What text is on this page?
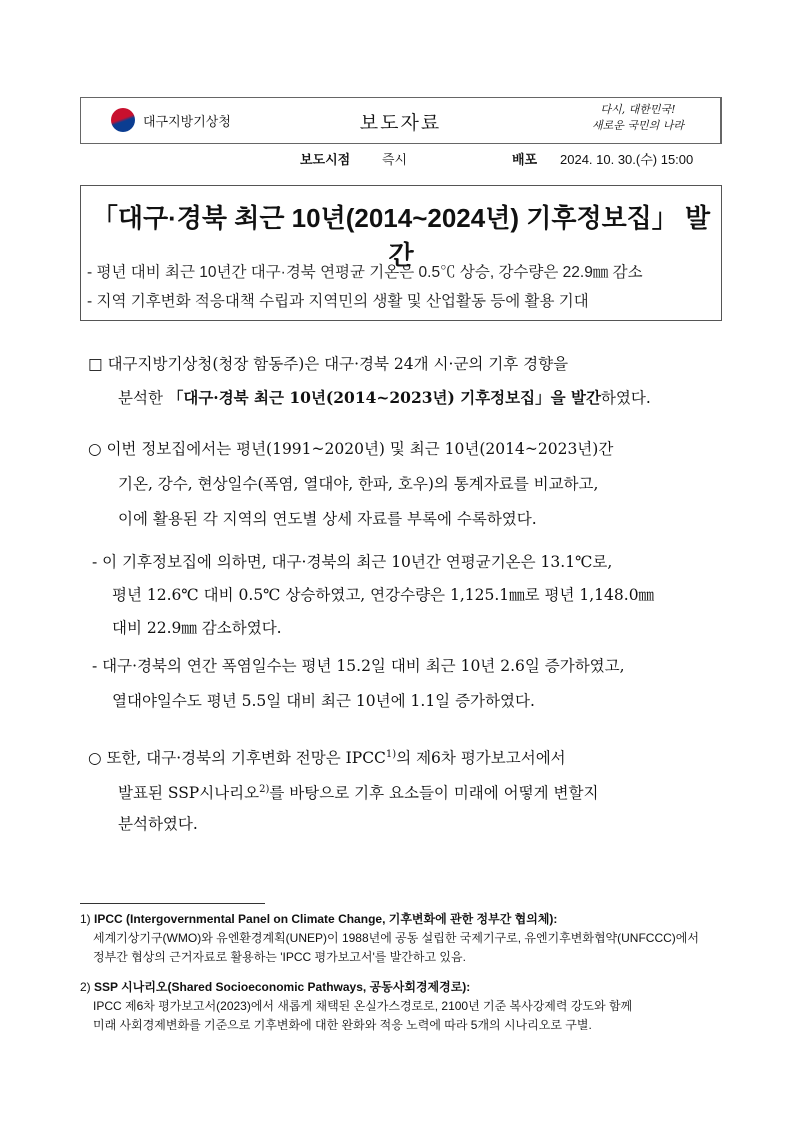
대구지방기상청	보도자료
다시, 대한민국!
새로운 국민의 나라
보도시점 즉시	배포 2024. 10. 30.(수) 15:00
「대구·경북 최근 10년(2014~2024년) 기후정보집」 발간
- 평년 대비 최근 10년간 대구·경북 연평균 기온은 0.5℃ 상승, 강수량은 22.9㎜ 감소
- 지역 기후변화 적응대책 수립과 지역민의 생활 및 산업활동 등에 활용 기대
□ 대구지방기상청(청장 함동주)은 대구·경북 24개 시·군의 기후 경향을
분석한 「대구·경북 최근 10년(2014~2023년) 기후정보집」을 발간하였다.
○ 이번 정보집에서는 평년(1991~2020년) 및 최근 10년(2014~2023년)간
기온, 강수, 현상일수(폭염, 열대야, 한파, 호우)의 통계자료를 비교하고,
이에 활용된 각 지역의 연도별 상세 자료를 부록에 수록하였다.
- 이 기후정보집에 의하면, 대구·경북의 최근 10년간 연평균기온은 13.1℃로,
평년 12.6℃ 대비 0.5℃ 상승하였고, 연강수량은 1,125.1㎜로 평년 1,148.0㎜
대비 22.9㎜ 감소하였다.
- 대구·경북의 연간 폭염일수는 평년 15.2일 대비 최근 10년 2.6일 증가하였고,
열대야일수도 평년 5.5일 대비 최근 10년에 1.1일 증가하였다.
○ 또한, 대구·경북의 기후변화 전망은 IPCC$^{1)}$의 제6차 평가보고서에서
발표된 SSP시나리오$^{2)}$를 바탕으로 기후 요소들이 미래에 어떻게 변할지
분석하였다.
1) IPCC (Intergovernmental Panel on Climate Change, 기후변화에 관한 정부간 협의체):
세계기상기구(WMO)와 유엔환경계획(UNEP)이 1988년에 공동 설립한 국제기구로, 유엔기후변화협약(UNFCCC)에서
정부간 협상의 근거자료로 활용하는 'IPCC 평가보고서'를 발간하고 있음.
2) SSP 시나리오(Shared Socioeconomic Pathways, 공동사회경제경로):
IPCC 제6차 평가보고서(2023)에서 새롭게 채택된 온실가스경로로, 2100년 기준 복사강제력 강도와 함께
미래 사회경제변화를 기준으로 기후변화에 대한 완화와 적응 노력에 따라 5개의 시나리오로 구별.
